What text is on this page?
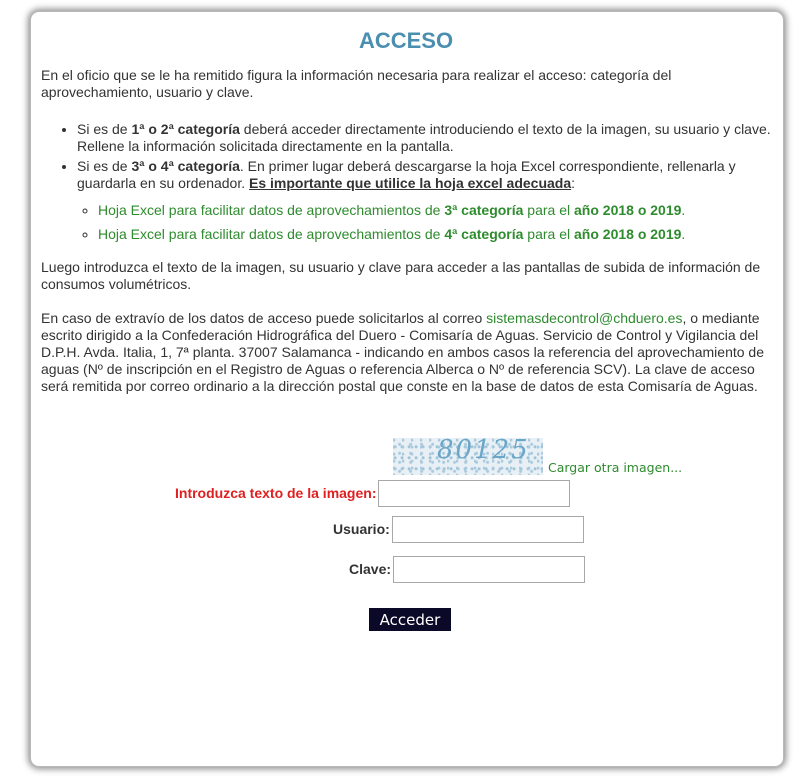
ACCESO

En el oficio que se le ha remitido figura la información necesaria para realizar el acceso: categoría del aprovechamiento, usuario y clave.

• Si es de 1ª o 2ª categoría deberá acceder directamente introduciendo el texto de la imagen, su usuario y clave. Rellene la información solicitada directamente en la pantalla.
• Si es de 3ª o 4ª categoría. En primer lugar deberá descargarse la hoja Excel correspondiente, rellenarla y guardarla en su ordenador. Es importante que utilice la hoja excel adecuada:
◦ Hoja Excel para facilitar datos de aprovechamientos de 3ª categoría para el año 2018 o 2019.
◦ Hoja Excel para facilitar datos de aprovechamientos de 4ª categoría para el año 2018 o 2019.

Luego introduzca el texto de la imagen, su usuario y clave para acceder a las pantallas de subida de información de consumos volumétricos.

En caso de extravío de los datos de acceso puede solicitarlos al correo sistemasdecontrol@chduero.es, o mediante escrito dirigido a la Confederación Hidrográfica del Duero - Comisaría de Aguas. Servicio de Control y Vigilancia del D.P.H. Avda. Italia, 1, 7ª planta. 37007 Salamanca - indicando en ambos casos la referencia del aprovechamiento de aguas (Nº de inscripción en el Registro de Aguas o referencia Alberca o Nº de referencia SCV). La clave de acceso será remitida por correo ordinario a la dirección postal que conste en la base de datos de esta Comisaría de Aguas.

80125
Cargar otra imagen...
Introduzca texto de la imagen:
Usuario:
Clave:
Acceder
